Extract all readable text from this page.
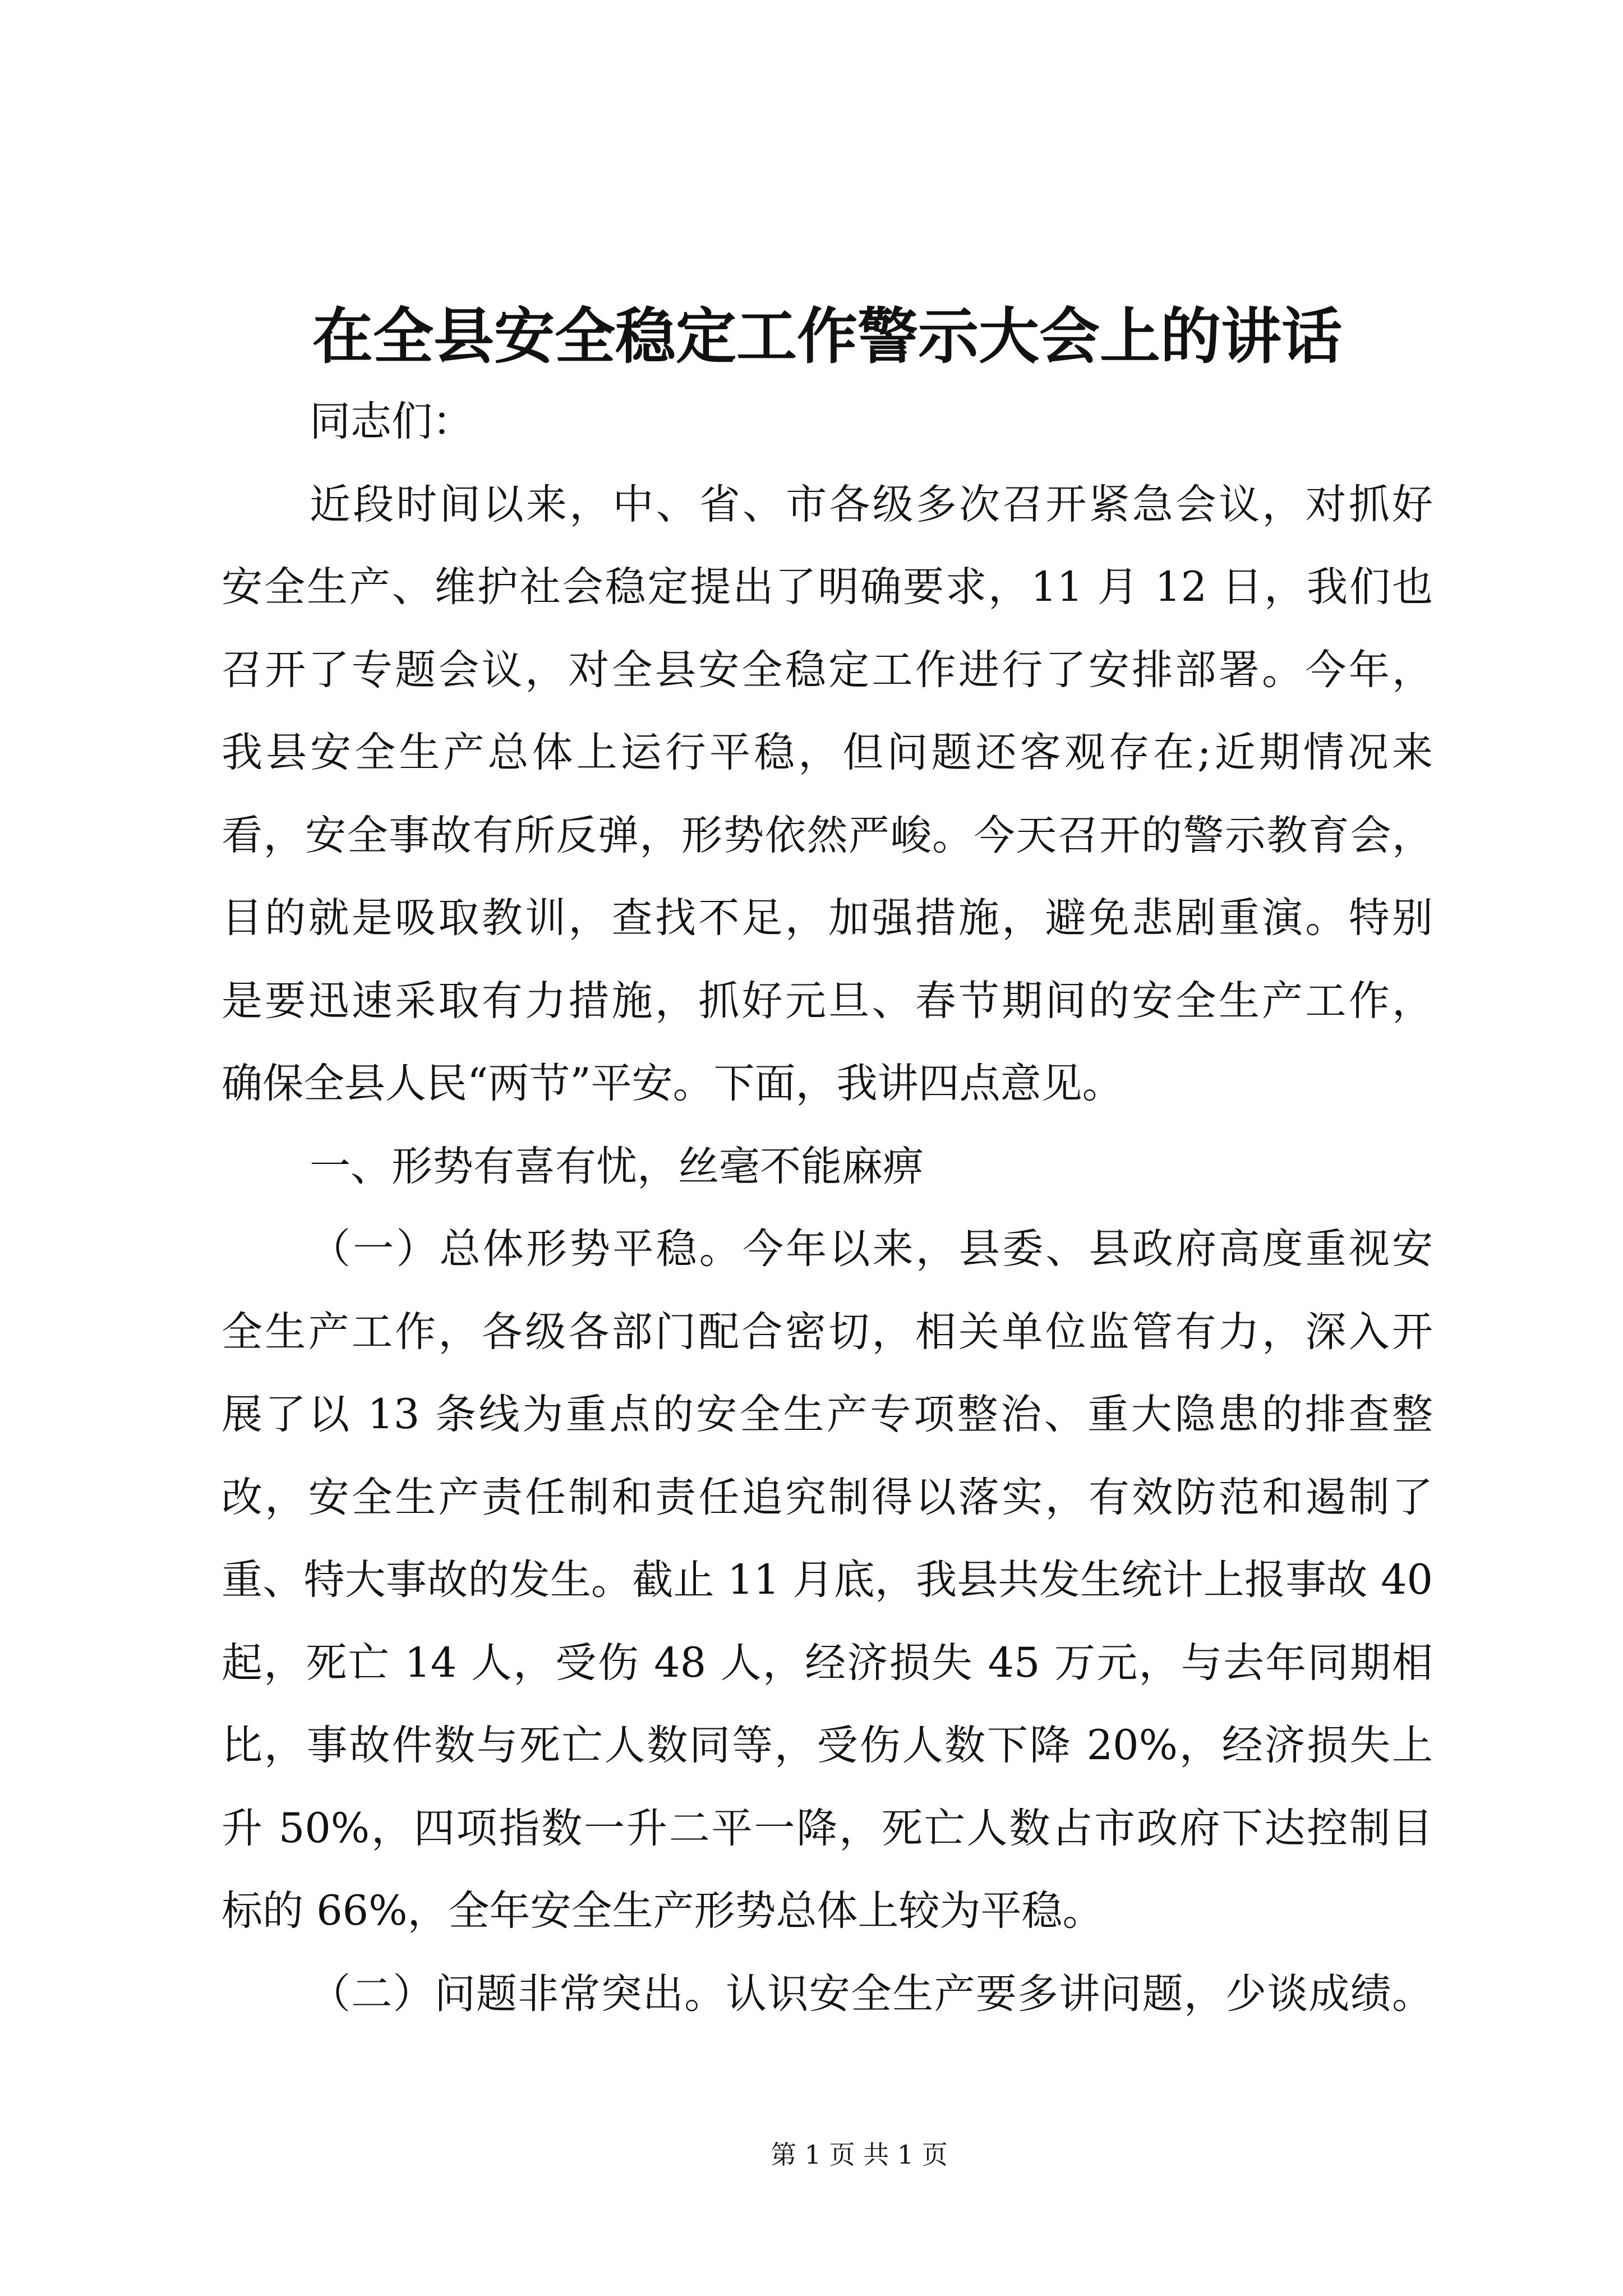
在全县安全稳定工作警示大会上的讲话
同志们：
近段时间以来，中、省、市各级多次召开紧急会议，对抓好
安全生产、维护社会稳定提出了明确要求，11 月 12 日，我们也
召开了专题会议，对全县安全稳定工作进行了安排部署。今年，
我县安全生产总体上运行平稳，但问题还客观存在;近期情况来
看，安全事故有所反弹，形势依然严峻。今天召开的警示教育会，
目的就是吸取教训，查找不足，加强措施，避免悲剧重演。特别
是要迅速采取有力措施，抓好元旦、春节期间的安全生产工作，
确保全县人民“两节”平安。下面，我讲四点意见。
一、形势有喜有忧，丝毫不能麻痹
（一）总体形势平稳。今年以来，县委、县政府高度重视安
全生产工作，各级各部门配合密切，相关单位监管有力，深入开
展了以 13 条线为重点的安全生产专项整治、重大隐患的排查整
改，安全生产责任制和责任追究制得以落实，有效防范和遏制了
重、特大事故的发生。截止 11 月底，我县共发生统计上报事故 40
起，死亡 14 人，受伤 48 人，经济损失 45 万元，与去年同期相
比，事故件数与死亡人数同等，受伤人数下降 20%，经济损失上
升 50%，四项指数一升二平一降，死亡人数占市政府下达控制目
标的 66%，全年安全生产形势总体上较为平稳。
（二）问题非常突出。认识安全生产要多讲问题，少谈成绩。
第 1 页 共 1 页
